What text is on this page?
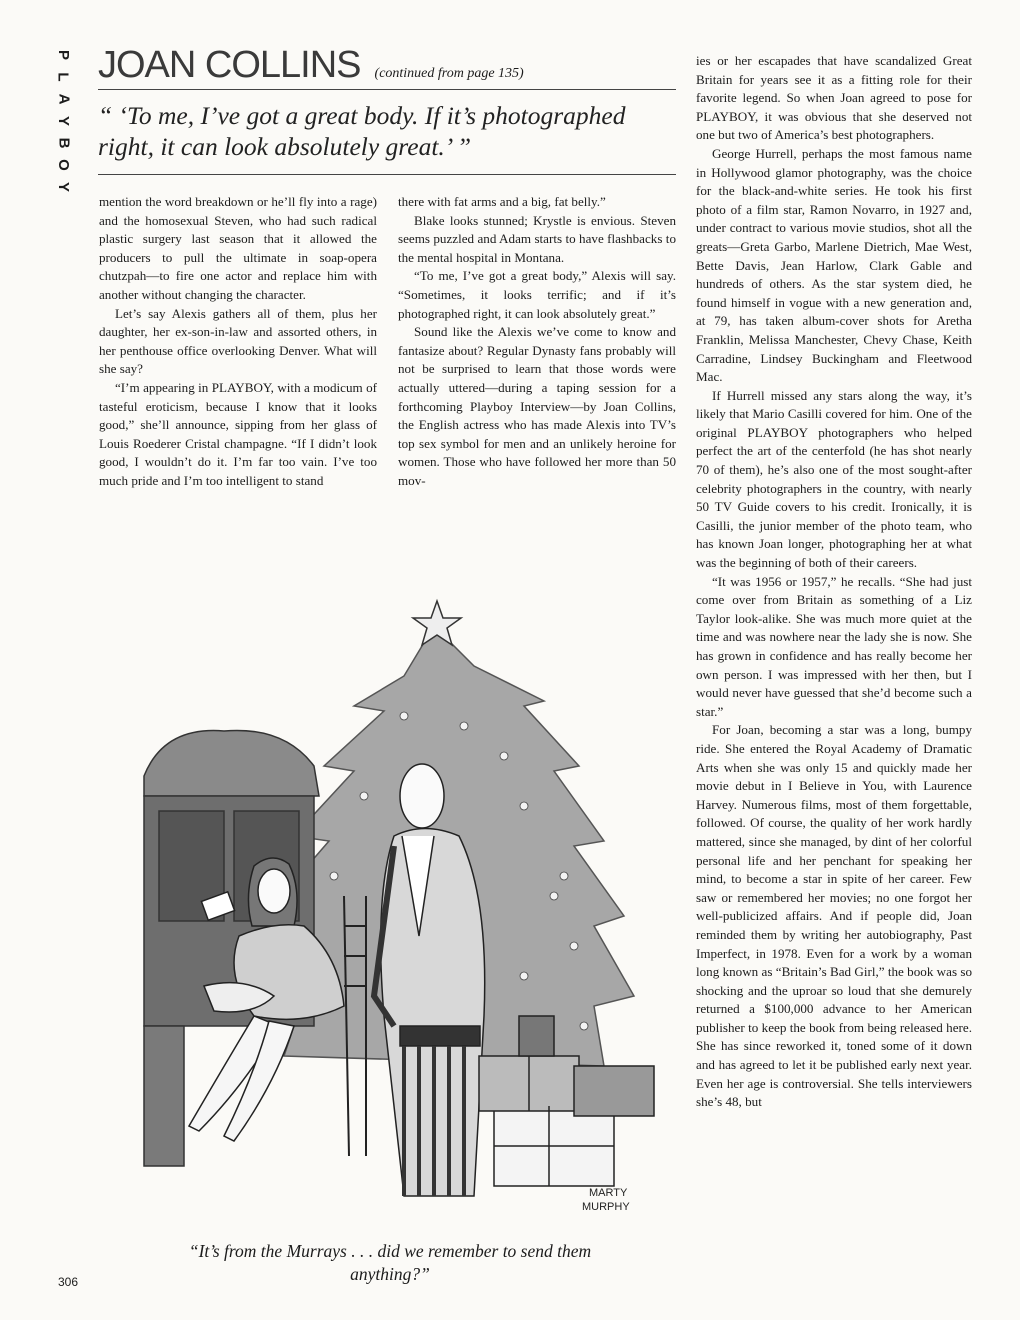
P
L
A
Y
B
O
Y
JOAN COLLINS (continued from page 135)
“ ‘To me, I’ve got a great body. If it’s photographed right, it can look absolutely great.’ ”

mention the word breakdown or he’ll fly into a rage) and the homosexual Steven, who had such radical plastic surgery last season that it allowed the producers to pull the ultimate in soap-opera chutzpah—to fire one actor and replace him with another without changing the character.

Let’s say Alexis gathers all of them, plus her daughter, her ex-son-in-law and assorted others, in her penthouse office overlooking Denver. What will she say?

“I’m appearing in PLAYBOY, with a modicum of tasteful eroticism, because I know that it looks good,” she’ll announce, sipping from her glass of Louis Roederer Cristal champagne. “If I didn’t look good, I wouldn’t do it. I’m far too vain. I’ve too much pride and I’m too intelligent to stand

there with fat arms and a big, fat belly.”

Blake looks stunned; Krystle is envious. Steven seems puzzled and Adam starts to have flashbacks to the mental hospital in Montana.

“To me, I’ve got a great body,” Alexis will say. “Sometimes, it looks terrific; and if it’s photographed right, it can look absolutely great.”

Sound like the Alexis we’ve come to know and fantasize about? Regular Dynasty fans probably will not be surprised to learn that those words were actually uttered—during a taping session for a forthcoming Playboy Interview—by Joan Collins, the English actress who has made Alexis into TV’s top sex symbol for men and an unlikely heroine for women. Those who have followed her more than 50 mov-

ies or her escapades that have scandalized Great Britain for years see it as a fitting role for their favorite legend. So when Joan agreed to pose for PLAYBOY, it was obvious that she deserved not one but two of America’s best photographers.

George Hurrell, perhaps the most famous name in Hollywood glamor photography, was the choice for the black-and-white series. He took his first photo of a film star, Ramon Novarro, in 1927 and, under contract to various movie studios, shot all the greats—Greta Garbo, Marlene Dietrich, Mae West, Bette Davis, Jean Harlow, Clark Gable and hundreds of others. As the star system died, he found himself in vogue with a new generation and, at 79, has taken album-cover shots for Aretha Franklin, Melissa Manchester, Chevy Chase, Keith Carradine, Lindsey Buckingham and Fleetwood Mac.

If Hurrell missed any stars along the way, it’s likely that Mario Casilli covered for him. One of the original PLAYBOY photographers who helped perfect the art of the centerfold (he has shot nearly 70 of them), he’s also one of the most sought-after celebrity photographers in the country, with nearly 50 TV Guide covers to his credit. Ironically, it is Casilli, the junior member of the photo team, who has known Joan longer, photographing her at what was the beginning of both of their careers.

“It was 1956 or 1957,” he recalls. “She had just come over from Britain as something of a Liz Taylor look-alike. She was much more quiet at the time and was nowhere near the lady she is now. She has grown in confidence and has really become her own person. I was impressed with her then, but I would never have guessed that she’d become such a star.”

For Joan, becoming a star was a long, bumpy ride. She entered the Royal Academy of Dramatic Arts when she was only 15 and quickly made her movie debut in I Believe in You, with Laurence Harvey. Numerous films, most of them forgettable, followed. Of course, the quality of her work hardly mattered, since she managed, by dint of her colorful personal life and her penchant for speaking her mind, to become a star in spite of her career. Few saw or remembered her movies; no one forgot her well-publicized affairs. And if people did, Joan reminded them by writing her autobiography, Past Imperfect, in 1978. Even for a work by a woman long known as “Britain’s Bad Girl,” the book was so shocking and the uproar so loud that she demurely returned a $100,000 advance to her American publisher to keep the book from being released here. She has since reworked it, toned some of it down and has agreed to let it be published early next year. Even her age is controversial. She tells interviewers she’s 48, but

MARTY
MURPHY
“It’s from the Murrays . . . did we remember to send them anything?”
306
